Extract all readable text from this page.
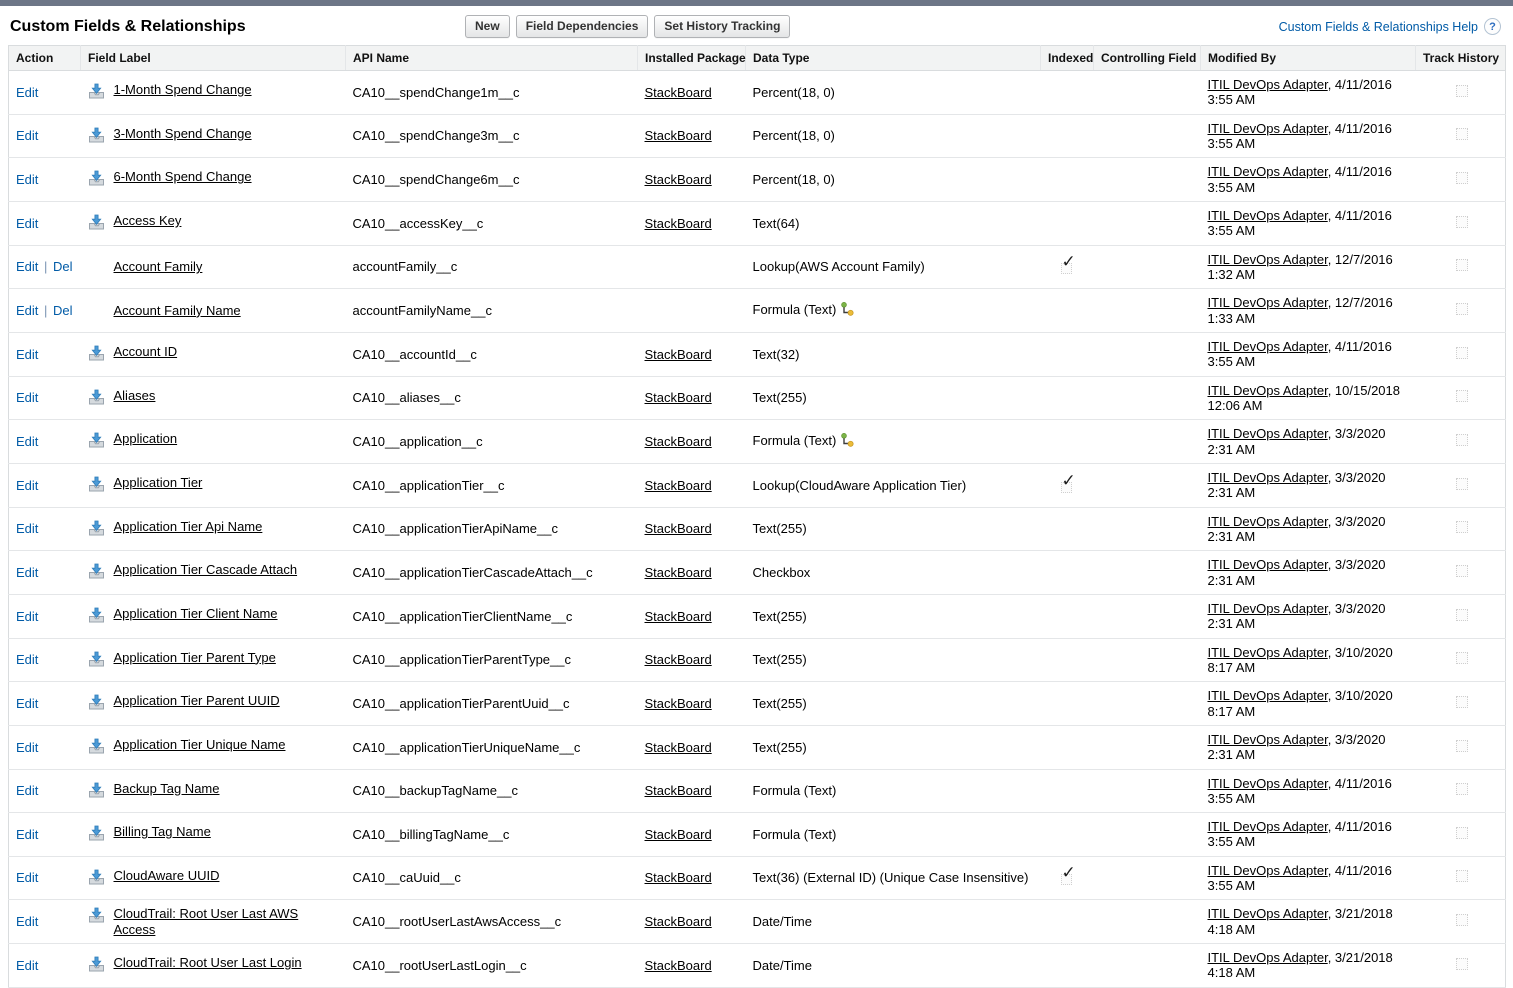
Custom Fields & Relationships	New	Field Dependencies	Set History Tracking	Custom Fields & Relationships Help	?
Action	Field Label	API Name	Installed Package	Data Type	Indexed	Controlling Field	Modified By	Track History
Edit	1-Month Spend Change	CA10__spendChange1m__c	StackBoard	Percent(18, 0)			ITIL DevOps Adapter, 4/11/2016 3:55 AM	
Edit	3-Month Spend Change	CA10__spendChange3m__c	StackBoard	Percent(18, 0)			ITIL DevOps Adapter, 4/11/2016 3:55 AM	
Edit	6-Month Spend Change	CA10__spendChange6m__c	StackBoard	Percent(18, 0)			ITIL DevOps Adapter, 4/11/2016 3:55 AM	
Edit	Access Key	CA10__accessKey__c	StackBoard	Text(64)			ITIL DevOps Adapter, 4/11/2016 3:55 AM	
Edit | Del	Account Family	accountFamily__c		Lookup(AWS Account Family)	✓		ITIL DevOps Adapter, 12/7/2016 1:32 AM	
Edit | Del	Account Family Name	accountFamilyName__c		Formula (Text)			ITIL DevOps Adapter, 12/7/2016 1:33 AM	
Edit	Account ID	CA10__accountId__c	StackBoard	Text(32)			ITIL DevOps Adapter, 4/11/2016 3:55 AM	
Edit	Aliases	CA10__aliases__c	StackBoard	Text(255)			ITIL DevOps Adapter, 10/15/2018 12:06 AM	
Edit	Application	CA10__application__c	StackBoard	Formula (Text)			ITIL DevOps Adapter, 3/3/2020 2:31 AM	
Edit	Application Tier	CA10__applicationTier__c	StackBoard	Lookup(CloudAware Application Tier)	✓		ITIL DevOps Adapter, 3/3/2020 2:31 AM	
Edit	Application Tier Api Name	CA10__applicationTierApiName__c	StackBoard	Text(255)			ITIL DevOps Adapter, 3/3/2020 2:31 AM	
Edit	Application Tier Cascade Attach	CA10__applicationTierCascadeAttach__c	StackBoard	Checkbox			ITIL DevOps Adapter, 3/3/2020 2:31 AM	
Edit	Application Tier Client Name	CA10__applicationTierClientName__c	StackBoard	Text(255)			ITIL DevOps Adapter, 3/3/2020 2:31 AM	
Edit	Application Tier Parent Type	CA10__applicationTierParentType__c	StackBoard	Text(255)			ITIL DevOps Adapter, 3/10/2020 8:17 AM	
Edit	Application Tier Parent UUID	CA10__applicationTierParentUuid__c	StackBoard	Text(255)			ITIL DevOps Adapter, 3/10/2020 8:17 AM	
Edit	Application Tier Unique Name	CA10__applicationTierUniqueName__c	StackBoard	Text(255)			ITIL DevOps Adapter, 3/3/2020 2:31 AM	
Edit	Backup Tag Name	CA10__backupTagName__c	StackBoard	Formula (Text)			ITIL DevOps Adapter, 4/11/2016 3:55 AM	
Edit	Billing Tag Name	CA10__billingTagName__c	StackBoard	Formula (Text)			ITIL DevOps Adapter, 4/11/2016 3:55 AM	
Edit	CloudAware UUID	CA10__caUuid__c	StackBoard	Text(36) (External ID) (Unique Case Insensitive)	✓		ITIL DevOps Adapter, 4/11/2016 3:55 AM	
Edit	CloudTrail: Root User Last AWS Access	CA10__rootUserLastAwsAccess__c	StackBoard	Date/Time			ITIL DevOps Adapter, 3/21/2018 4:18 AM	
Edit	CloudTrail: Root User Last Login	CA10__rootUserLastLogin__c	StackBoard	Date/Time			ITIL DevOps Adapter, 3/21/2018 4:18 AM	
